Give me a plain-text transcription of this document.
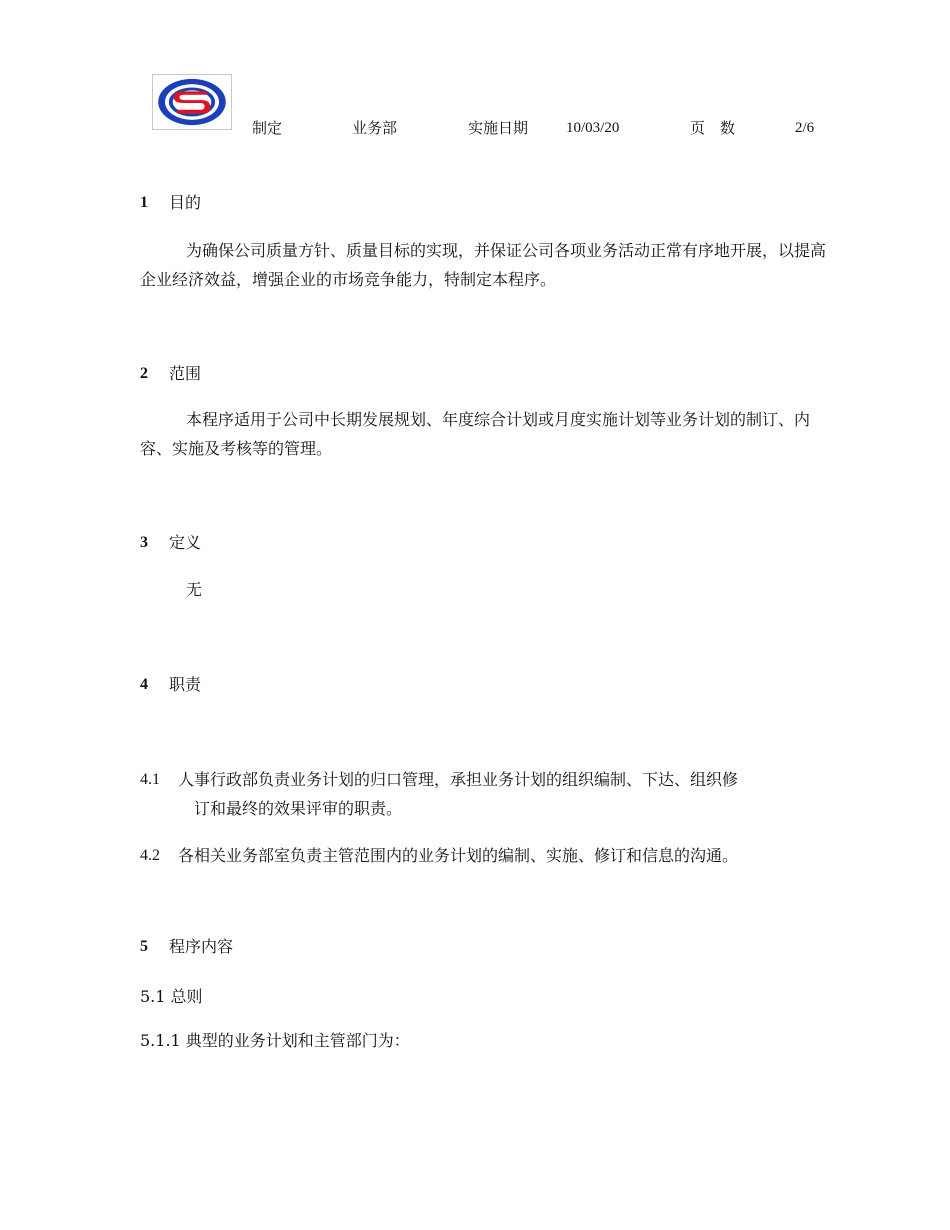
制定	业务部	实施日期	10/03/20	页　数	2/6
1 目的

为确保公司质量方针、质量目标的实现，并保证公司各项业务活动正常有序地开展，以提高企业经济效益，增强企业的市场竞争能力，特制定本程序。

2 范围

本程序适用于公司中长期发展规划、年度综合计划或月度实施计划等业务计划的制订、内容、实施及考核等的管理。

3 定义
无
4 职责
4.1 人事行政部负责业务计划的归口管理，承担业务计划的组织编制、下达、组织修
订和最终的效果评审的职责。

4.2 各相关业务部室负责主管范围内的业务计划的编制、实施、修订和信息的沟通。

5 程序内容
5.1 总则
5.1.1 典型的业务计划和主管部门为：
